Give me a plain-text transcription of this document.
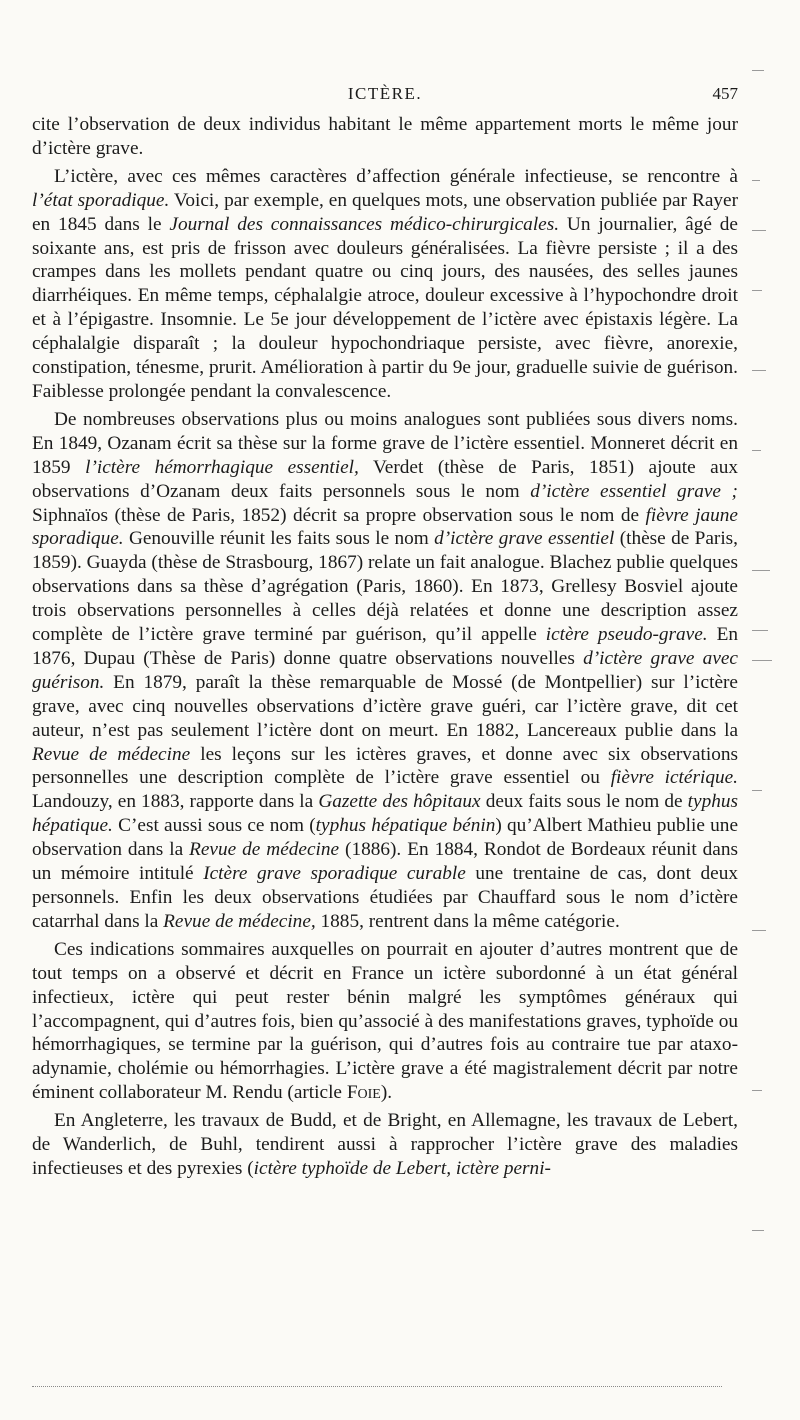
ICTÈRE.	457

cite l’observation de deux individus habitant le même appartement morts le même jour d’ictère grave.

L’ictère, avec ces mêmes caractères d’affection générale infectieuse, se rencontre à l’état sporadique. Voici, par exemple, en quelques mots, une observation publiée par Rayer en 1845 dans le Journal des connaissances médico-chirurgicales. Un journalier, âgé de soixante ans, est pris de frisson avec douleurs généralisées. La fièvre persiste ; il a des crampes dans les mollets pendant quatre ou cinq jours, des nausées, des selles jaunes diarrhéiques. En même temps, céphalalgie atroce, douleur excessive à l’hypochondre droit et à l’épigastre. Insomnie. Le 5e jour développement de l’ictère avec épistaxis légère. La céphalalgie disparaît ; la douleur hypochondriaque persiste, avec fièvre, anorexie, constipation, ténesme, prurit. Amélioration à partir du 9e jour, graduelle suivie de guérison. Faiblesse prolongée pendant la convalescence.

De nombreuses observations plus ou moins analogues sont publiées sous divers noms. En 1849, Ozanam écrit sa thèse sur la forme grave de l’ictère essentiel. Monneret décrit en 1859 l’ictère hémorrhagique essentiel, Verdet (thèse de Paris, 1851) ajoute aux observations d’Ozanam deux faits personnels sous le nom d’ictère essentiel grave ; Siphnaïos (thèse de Paris, 1852) décrit sa propre observation sous le nom de fièvre jaune sporadique. Genouville réunit les faits sous le nom d’ictère grave essentiel (thèse de Paris, 1859). Guayda (thèse de Strasbourg, 1867) relate un fait analogue. Blachez publie quelques observations dans sa thèse d’agrégation (Paris, 1860). En 1873, Grellesy Bosviel ajoute trois observations personnelles à celles déjà relatées et donne une description assez complète de l’ictère grave terminé par guérison, qu’il appelle ictère pseudo-grave. En 1876, Dupau (Thèse de Paris) donne quatre observations nouvelles d’ictère grave avec guérison. En 1879, paraît la thèse remarquable de Mossé (de Montpellier) sur l’ictère grave, avec cinq nouvelles observations d’ictère grave guéri, car l’ictère grave, dit cet auteur, n’est pas seulement l’ictère dont on meurt. En 1882, Lancereaux publie dans la Revue de médecine les leçons sur les ictères graves, et donne avec six observations personnelles une description complète de l’ictère grave essentiel ou fièvre ictérique. Landouzy, en 1883, rapporte dans la Gazette des hôpitaux deux faits sous le nom de typhus hépatique. C’est aussi sous ce nom (typhus hépatique bénin) qu’Albert Mathieu publie une observation dans la Revue de médecine (1886). En 1884, Rondot de Bordeaux réunit dans un mémoire intitulé Ictère grave sporadique curable une trentaine de cas, dont deux personnels. Enfin les deux observations étudiées par Chauffard sous le nom d’ictère catarrhal dans la Revue de médecine, 1885, rentrent dans la même catégorie.

Ces indications sommaires auxquelles on pourrait en ajouter d’autres montrent que de tout temps on a observé et décrit en France un ictère subordonné à un état général infectieux, ictère qui peut rester bénin malgré les symptômes généraux qui l’accompagnent, qui d’autres fois, bien qu’associé à des manifestations graves, typhoïde ou hémorrhagiques, se termine par la guérison, qui d’autres fois au contraire tue par ataxo-adynamie, cholémie ou hémorrhagies. L’ictère grave a été magistralement décrit par notre éminent collaborateur M. Rendu (article Foie).

En Angleterre, les travaux de Budd, et de Bright, en Allemagne, les travaux de Lebert, de Wanderlich, de Buhl, tendirent aussi à rapprocher l’ictère grave des maladies infectieuses et des pyrexies (ictère typhoïde de Lebert, ictère perni-
